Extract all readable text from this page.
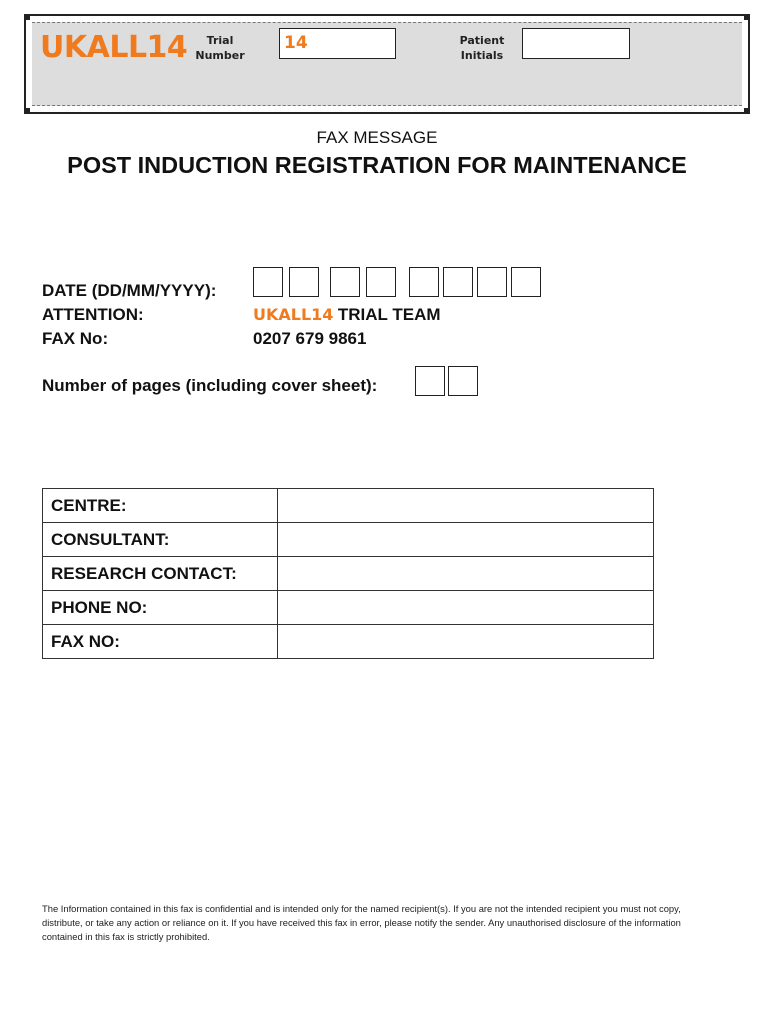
UKALL14	Trial
Number
14	Patient
Initials
FAX MESSAGE
POST INDUCTION REGISTRATION FOR MAINTENANCE
DATE (DD/MM/YYYY):
ATTENTION:	UKALL14 TRIAL TEAM
FAX No:	0207 679 9861
Number of pages (including cover sheet):
CENTRE:	
CONSULTANT:	
RESEARCH CONTACT:	
PHONE NO:	
FAX NO:	
The Information contained in this fax is confidential and is intended only for the named recipient(s). If you are not the intended recipient you must not copy, distribute, or take any action or reliance on it. If you have received this fax in error, please notify the sender. Any unauthorised disclosure of the information contained in this fax is strictly prohibited.
